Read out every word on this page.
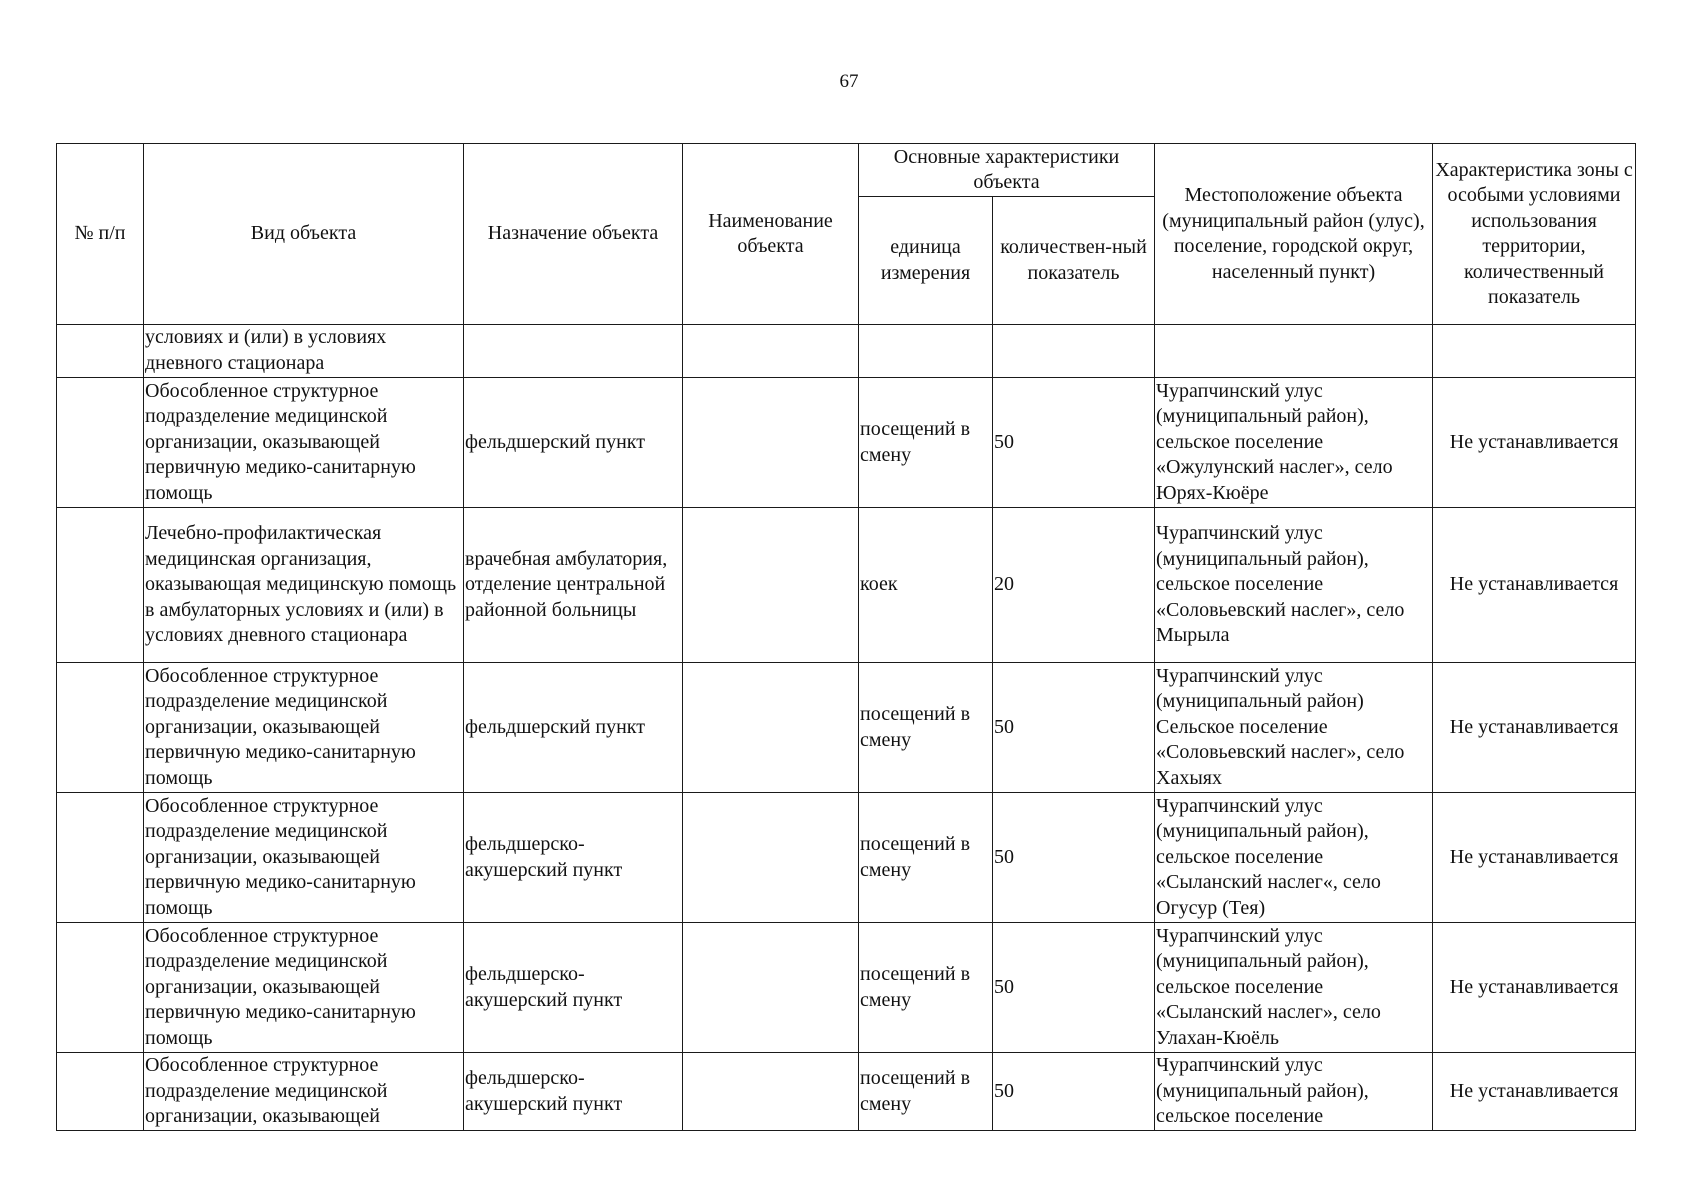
67
№ п/п	Вид объекта	Назначение объекта	Наименование объекта	Основные характеристики объекта		Местоположение объекта (муниципальный район (улус), поселение, городской округ, населенный пункт)	Характеристика зоны с особыми условиями использования территории, количественный показатель
				единица измерения	количествен-ный показатель		
	условиях и (или) в условиях дневного стационара						
	Обособленное структурное подразделение медицинской организации, оказывающей первичную медико-санитарную помощь	фельдшерский пункт		посещений в смену	50	Чурапчинский улус (муниципальный район), сельское поселение «Ожулунский наслег», село Юрях-Кюёрe	Не устанавливается
	Лечебно-профилактическая медицинская организация, оказывающая медицинскую помощь в амбулаторных условиях и (или) в условиях дневного стационара	врачебная амбулатория, отделение центральной районной больницы		коек	20	Чурапчинский улус (муниципальный район), сельское поселение «Соловьевский наслег», село Мырыла	Не устанавливается
	Обособленное структурное подразделение медицинской организации, оказывающей первичную медико-санитарную помощь	фельдшерский пункт		посещений в смену	50	Чурапчинский улус (муниципальный район) Сельское поселение «Соловьевский наслег», село Хахыях	Не устанавливается
	Обособленное структурное подразделение медицинской организации, оказывающей первичную медико-санитарную помощь	фельдшерско-акушерский пункт		посещений в смену	50	Чурапчинский улус (муниципальный район), сельское поселение «Сыланский наслег«, село Огусур (Тея)	Не устанавливается
	Обособленное структурное подразделение медицинской организации, оказывающей первичную медико-санитарную помощь	фельдшерско-акушерский пункт		посещений в смену	50	Чурапчинский улус (муниципальный район), сельское поселение «Сыланский наслег», село Улахан-Кюёль	Не устанавливается
	Обособленное структурное подразделение медицинской организации, оказывающей	фельдшерско-акушерский пункт		посещений в смену	50	Чурапчинский улус (муниципальный район), сельское поселение	Не устанавливается
